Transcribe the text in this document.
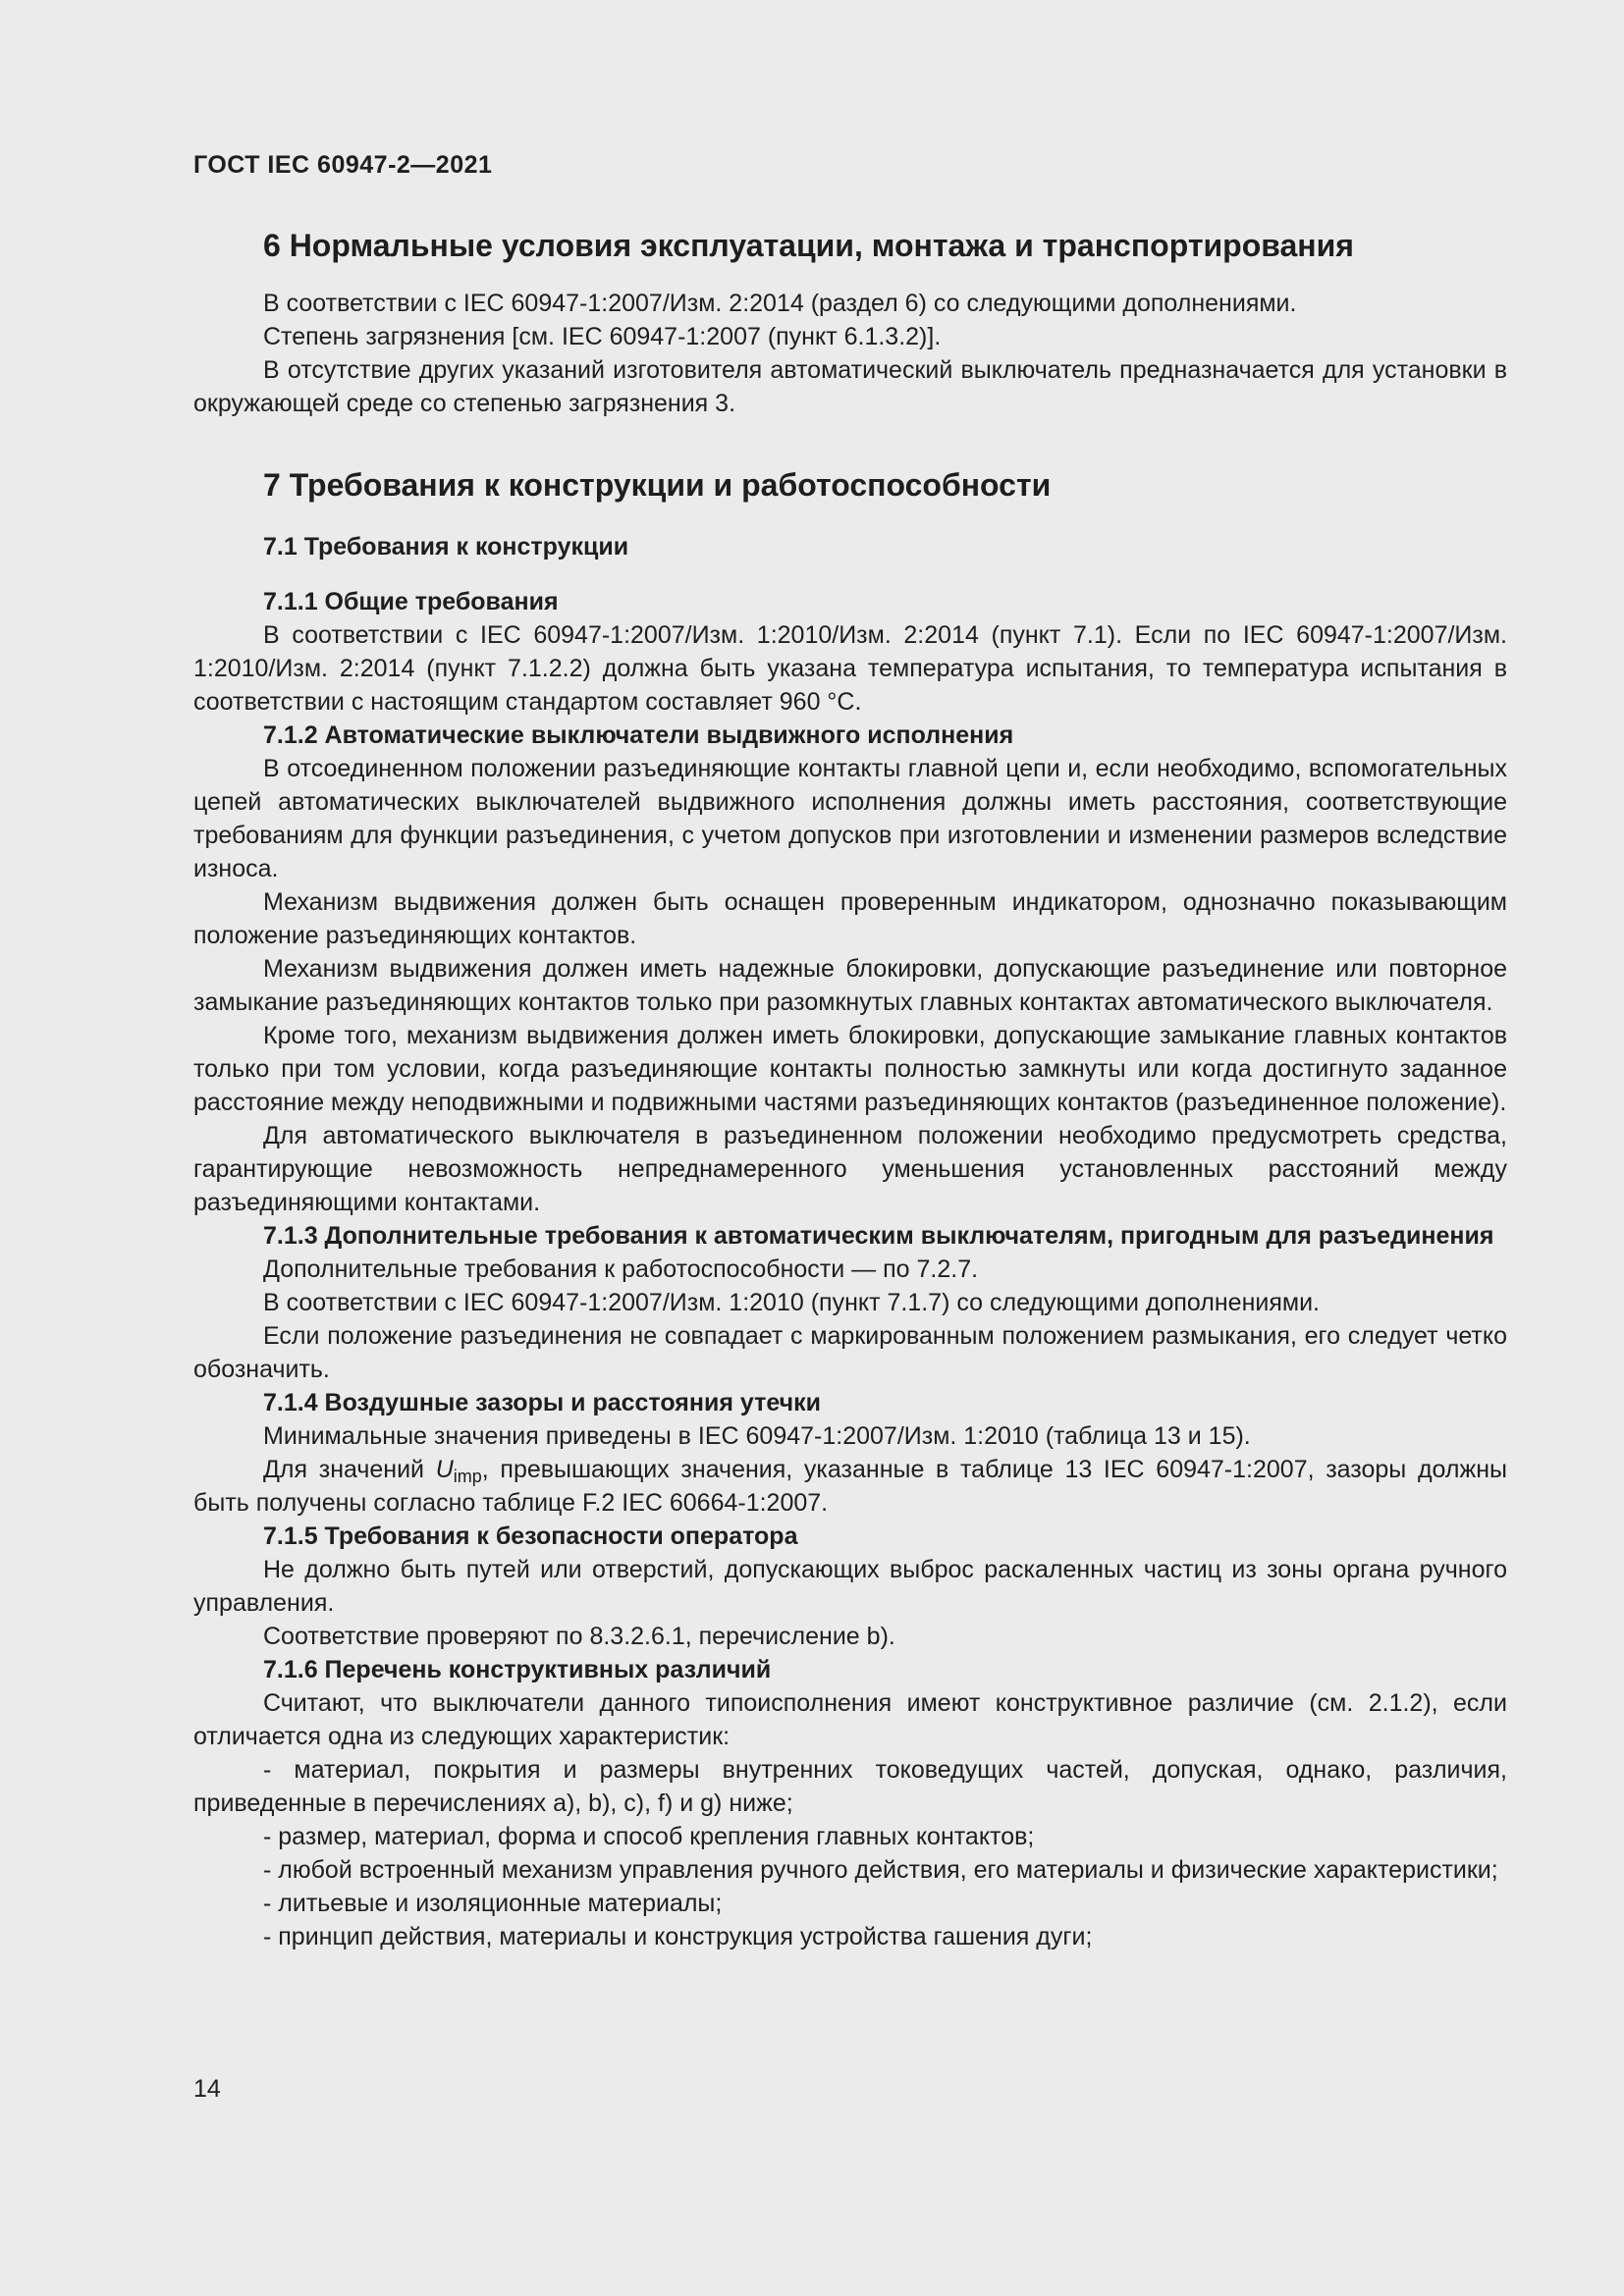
ГОСТ IEC 60947-2—2021
6 Нормальные условия эксплуатации, монтажа и транспортирования

В соответствии с IEC 60947-1:2007/Изм. 2:2014 (раздел 6) со следующими дополнениями.

Степень загрязнения [см. IEC 60947-1:2007 (пункт 6.1.3.2)].

В отсутствие других указаний изготовителя автоматический выключатель предназначается для установки в окружающей среде со степенью загрязнения 3.

7 Требования к конструкции и работоспособности
7.1 Требования к конструкции
7.1.1 Общие требования

В соответствии с IEC 60947-1:2007/Изм. 1:2010/Изм. 2:2014 (пункт 7.1). Если по IEC 60947-1:2007/Изм. 1:2010/Изм. 2:2014 (пункт 7.1.2.2) должна быть указана температура испытания, то температура испытания в соответствии с настоящим стандартом составляет 960 °C.

7.1.2 Автоматические выключатели выдвижного исполнения

В отсоединенном положении разъединяющие контакты главной цепи и, если необходимо, вспомогательных цепей автоматических выключателей выдвижного исполнения должны иметь расстояния, соответствующие требованиям для функции разъединения, с учетом допусков при изготовлении и изменении размеров вследствие износа.

Механизм выдвижения должен быть оснащен проверенным индикатором, однозначно показывающим положение разъединяющих контактов.

Механизм выдвижения должен иметь надежные блокировки, допускающие разъединение или повторное замыкание разъединяющих контактов только при разомкнутых главных контактах автоматического выключателя.

Кроме того, механизм выдвижения должен иметь блокировки, допускающие замыкание главных контактов только при том условии, когда разъединяющие контакты полностью замкнуты или когда достигнуто заданное расстояние между неподвижными и подвижными частями разъединяющих контактов (разъединенное положение).

Для автоматического выключателя в разъединенном положении необходимо предусмотреть средства, гарантирующие невозможность непреднамеренного уменьшения установленных расстояний между разъединяющими контактами.

7.1.3 Дополнительные требования к автоматическим выключателям, пригодным для разъединения

Дополнительные требования к работоспособности — по 7.2.7.

В соответствии с IEC 60947-1:2007/Изм. 1:2010 (пункт 7.1.7) со следующими дополнениями.

Если положение разъединения не совпадает с маркированным положением размыкания, его следует четко обозначить.

7.1.4 Воздушные зазоры и расстояния утечки

Минимальные значения приведены в IEC 60947-1:2007/Изм. 1:2010 (таблица 13 и 15).

Для значений $U_{imp}$, превышающих значения, указанные в таблице 13 IEC 60947-1:2007, зазоры должны быть получены согласно таблице F.2 IEC 60664-1:2007.

7.1.5 Требования к безопасности оператора

Не должно быть путей или отверстий, допускающих выброс раскаленных частиц из зоны органа ручного управления.

Соответствие проверяют по 8.3.2.6.1, перечисление b).

7.1.6 Перечень конструктивных различий

Считают, что выключатели данного типоисполнения имеют конструктивное различие (см. 2.1.2), если отличается одна из следующих характеристик:

- материал, покрытия и размеры внутренних токоведущих частей, допуская, однако, различия, приведенные в перечислениях a), b), c), f) и g) ниже;

- размер, материал, форма и способ крепления главных контактов;

- любой встроенный механизм управления ручного действия, его материалы и физические характеристики;

- литьевые и изоляционные материалы;

- принцип действия, материалы и конструкция устройства гашения дуги;

14
